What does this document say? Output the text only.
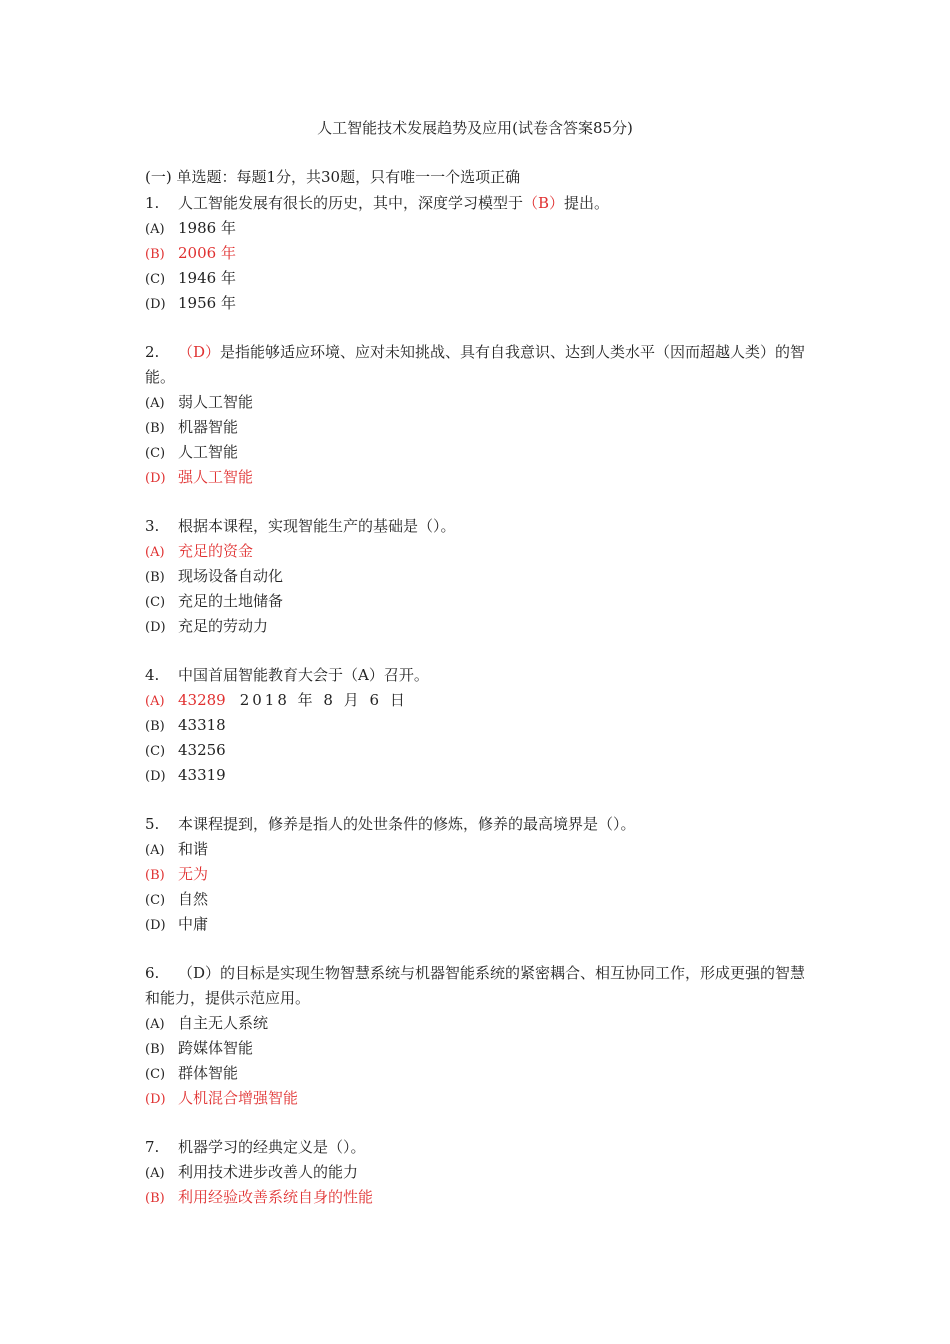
人工智能技术发展趋势及应用(试卷含答案85分)
(一) 单选题：每题1分，共30题，只有唯一一个选项正确

1. 人工智能发展有很长的历史，其中，深度学习模型于（B）提出。

(A) 1986 年
(B) 2006 年
(C) 1946 年
(D) 1956 年

2. （D）是指能够适应环境、应对未知挑战、具有自我意识、达到人类水平（因而超越人类）的智能。

(A) 弱人工智能
(B) 机器智能
(C) 人工智能
(D) 强人工智能

3. 根据本课程，实现智能生产的基础是（）。

(A) 充足的资金
(B) 现场设备自动化
(C) 充足的土地储备
(D) 充足的劳动力

4. 中国首届智能教育大会于（A）召开。

(A) 43289 2018 年 8 月 6 日
(B) 43318
(C) 43256
(D) 43319

5. 本课程提到，修养是指人的处世条件的修炼，修养的最高境界是（）。

(A) 和谐
(B) 无为
(C) 自然
(D) 中庸

6. （D）的目标是实现生物智慧系统与机器智能系统的紧密耦合、相互协同工作，形成更强的智慧和能力，提供示范应用。

(A) 自主无人系统
(B) 跨媒体智能
(C) 群体智能
(D) 人机混合增强智能

7. 机器学习的经典定义是（）。

(A) 利用技术进步改善人的能力
(B) 利用经验改善系统自身的性能
